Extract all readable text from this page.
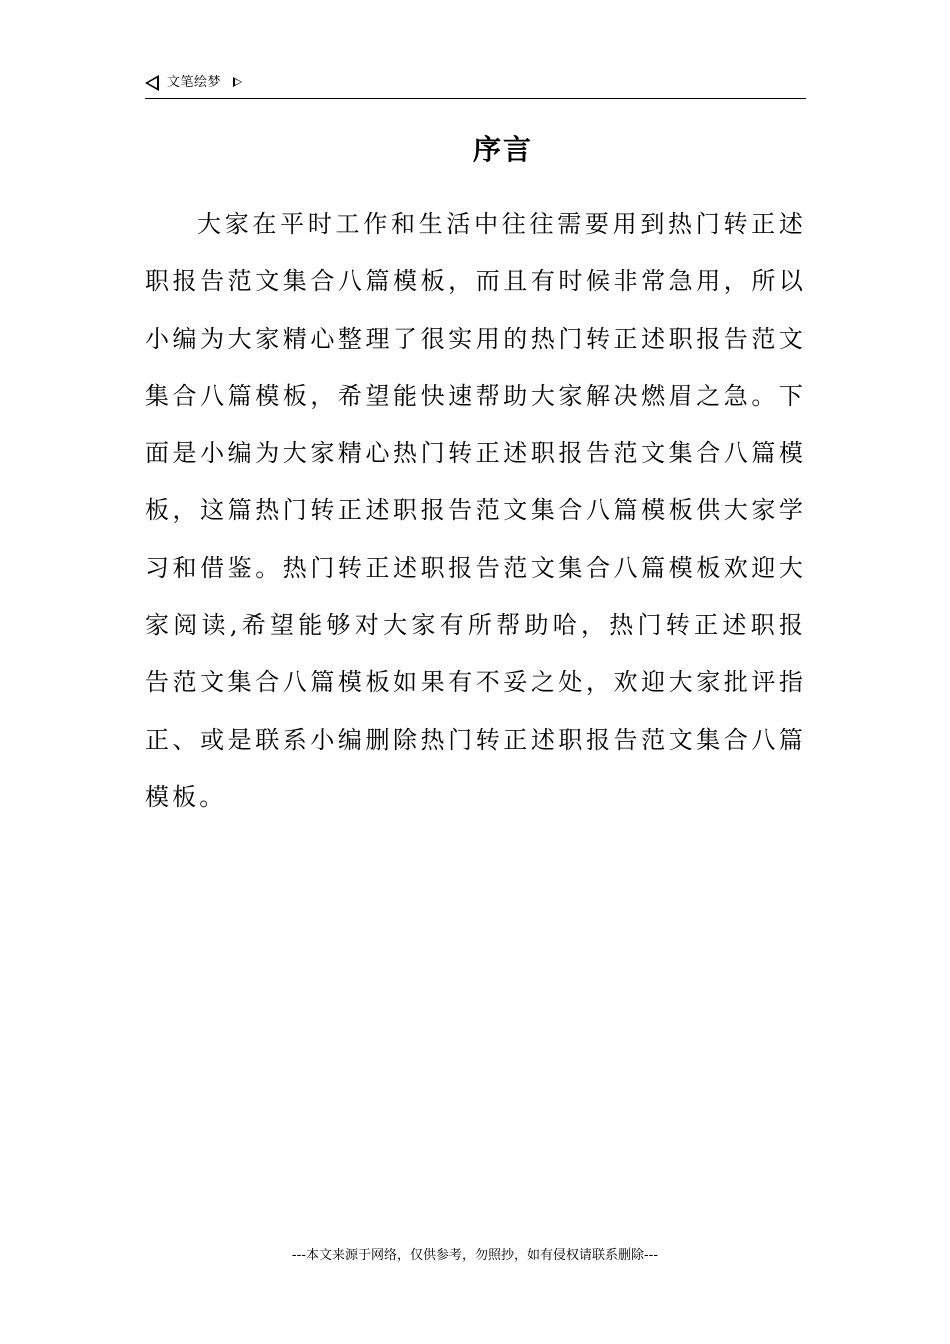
文笔绘梦
序言

大家在平时工作和生活中往往需要用到热门转正述职报告范文集合八篇模板，而且有时候非常急用，所以小编为大家精心整理了很实用的热门转正述职报告范文集合八篇模板，希望能快速帮助大家解决燃眉之急。下面是小编为大家精心热门转正述职报告范文集合八篇模板，这篇热门转正述职报告范文集合八篇模板供大家学习和借鉴。热门转正述职报告范文集合八篇模板欢迎大家阅读,希望能够对大家有所帮助哈，热门转正述职报告范文集合八篇模板如果有不妥之处，欢迎大家批评指正、或是联系小编删除热门转正述职报告范文集合八篇模板。

---本文来源于网络，仅供参考，勿照抄，如有侵权请联系删除---
